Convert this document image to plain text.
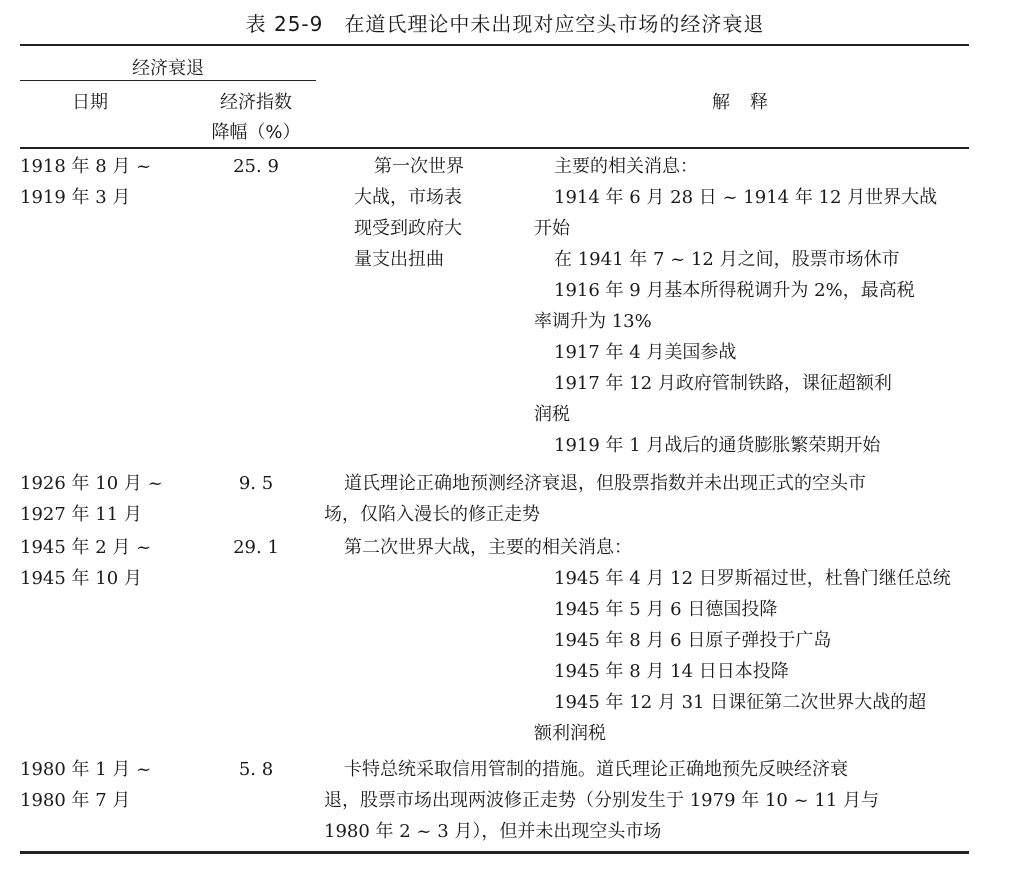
表 25-9　在道氏理论中未出现对应空头市场的经济衰退
经济衰退
日期	经济指数
降幅（%）
解释
1918 年 8 月 ~
1919 年 3 月
25. 9	第一次世界
大战，市场表
现受到政府大
量支出扭曲
主要的相关消息：
1914 年 6 月 28 日 ~ 1914 年 12 月世界大战
开始
在 1941 年 7 ~ 12 月之间，股票市场休市
1916 年 9 月基本所得税调升为 2%，最高税
率调升为 13%
1917 年 4 月美国参战
1917 年 12 月政府管制铁路，课征超额利
润税
1919 年 1 月战后的通货膨胀繁荣期开始
1926 年 10 月 ~
1927 年 11 月
9. 5	道氏理论正确地预测经济衰退，但股票指数并未出现正式的空头市
场，仅陷入漫长的修正走势
1945 年 2 月 ~
1945 年 10 月
29. 1	第二次世界大战，主要的相关消息：
1945 年 4 月 12 日罗斯福过世，杜鲁门继任总统
1945 年 5 月 6 日德国投降
1945 年 8 月 6 日原子弹投于广岛
1945 年 8 月 14 日日本投降
1945 年 12 月 31 日课征第二次世界大战的超
额利润税
1980 年 1 月 ~
1980 年 7 月
5. 8	卡特总统采取信用管制的措施。道氏理论正确地预先反映经济衰
退，股票市场出现两波修正走势（分别发生于 1979 年 10 ~ 11 月与
1980 年 2 ~ 3 月），但并未出现空头市场
